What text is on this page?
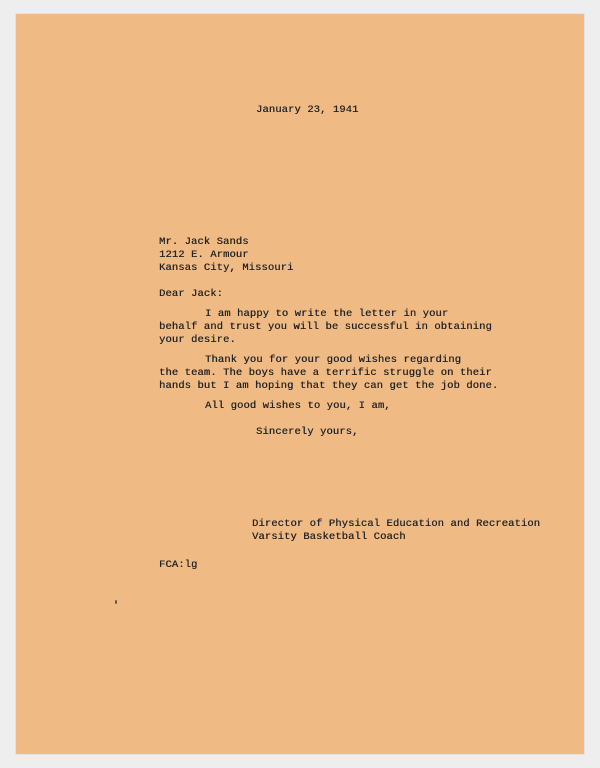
January 23, 1941
Mr. Jack Sands
1212 E. Armour
Kansas City, Missouri
Dear Jack:
I am happy to write the letter in your
behalf and trust you will be successful in obtaining
your desire.
Thank you for your good wishes regarding
the team. The boys have a terrific struggle on their
hands but I am hoping that they can get the job done.
All good wishes to you, I am,
Sincerely yours,
Director of Physical Education and Recreation
Varsity Basketball Coach
FCA:lg
